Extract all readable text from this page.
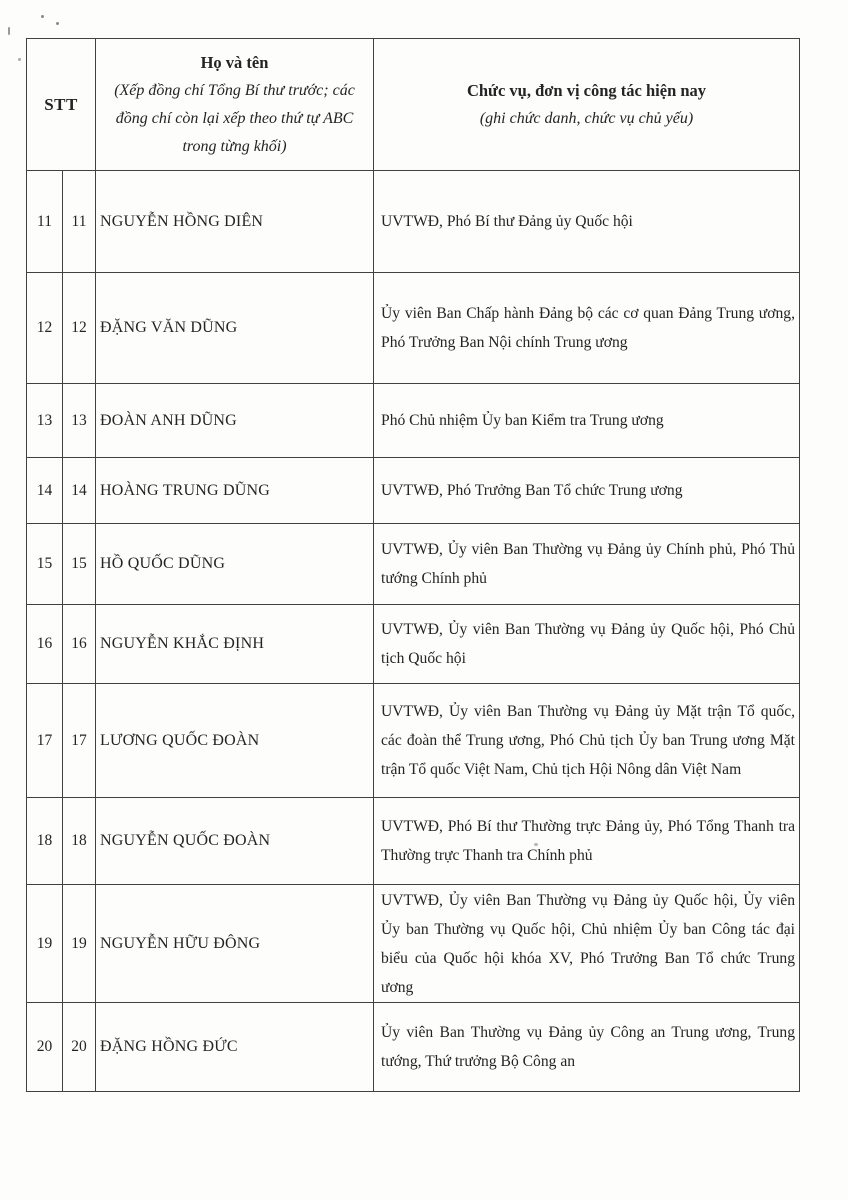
STT	
Họ và tên
(Xếp đồng chí Tổng Bí thư trước; các đồng chí còn lại xếp theo thứ tự ABC trong từng khối)

Chức vụ, đơn vị công tác hiện nay
(ghi chức danh, chức vụ chủ yếu)

11	11	NGUYỄN HỒNG DIÊN	UVTWĐ, Phó Bí thư Đảng ủy Quốc hội
12	12	ĐẶNG VĂN DŨNG	Ủy viên Ban Chấp hành Đảng bộ các cơ quan Đảng Trung ương, Phó Trưởng Ban Nội chính Trung ương
13	13	ĐOÀN ANH DŨNG	Phó Chủ nhiệm Ủy ban Kiểm tra Trung ương
14	14	HOÀNG TRUNG DŨNG	UVTWĐ, Phó Trưởng Ban Tổ chức Trung ương
15	15	HỒ QUỐC DŨNG	UVTWĐ, Ủy viên Ban Thường vụ Đảng ủy Chính phủ, Phó Thủ tướng Chính phủ
16	16	NGUYỄN KHẮC ĐỊNH	UVTWĐ, Ủy viên Ban Thường vụ Đảng ủy Quốc hội, Phó Chủ tịch Quốc hội
17	17	LƯƠNG QUỐC ĐOÀN	UVTWĐ, Ủy viên Ban Thường vụ Đảng ủy Mặt trận Tổ quốc, các đoàn thể Trung ương, Phó Chủ tịch Ủy ban Trung ương Mặt trận Tổ quốc Việt Nam, Chủ tịch Hội Nông dân Việt Nam
18	18	NGUYỄN QUỐC ĐOÀN	UVTWĐ, Phó Bí thư Thường trực Đảng ủy, Phó Tổng Thanh tra Thường trực Thanh tra Chính phủ
19	19	NGUYỄN HỮU ĐÔNG	UVTWĐ, Ủy viên Ban Thường vụ Đảng ủy Quốc hội, Ủy viên Ủy ban Thường vụ Quốc hội, Chủ nhiệm Ủy ban Công tác đại biểu của Quốc hội khóa XV, Phó Trưởng Ban Tổ chức Trung ương
20	20	ĐẶNG HỒNG ĐỨC	Ủy viên Ban Thường vụ Đảng ủy Công an Trung ương, Trung tướng, Thứ trưởng Bộ Công an
